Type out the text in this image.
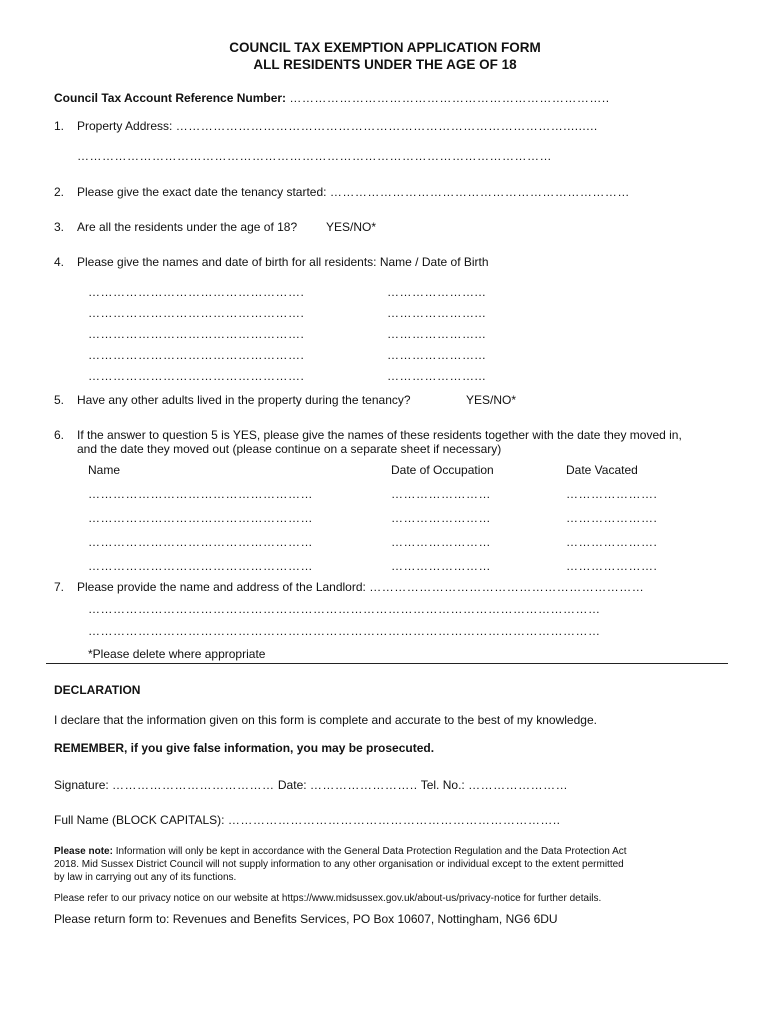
COUNCIL TAX EXEMPTION APPLICATION FORM
ALL RESIDENTS UNDER THE AGE OF 18
Council Tax Account Reference Number: …………………………………………………………………..
1. Property Address: ………………………………………………………………………………….........
……………………………………………………………………………………………………
2. Please give the exact date the tenancy started: ………………………………………………………………
3. Are all the residents under the age of 18? YES/NO*
4. Please give the names and date of birth for all residents: Name / Date of Birth
…………………………………………….	…………………...
…………………………………………….	…………………...
…………………………………………….	…………………...
…………………………………………….	…………………...
…………………………………………….	…………………...
5. Have any other adults lived in the property during the tenancy?	YES/NO*
6. If the answer to question 5 is YES, please give the names of these residents together with the date they moved in,
and the date they moved out (please continue on a separate sheet if necessary)
Name	Date of Occupation	Date Vacated
………………………………………………	……………………	………………….
………………………………………………	……………………	………………….
………………………………………………	……………………	………………….
………………………………………………	……………………	………………….
7. Please provide the name and address of the Landlord: …………………………………………………………
……………………………………………………………………………………………………………
……………………………………………………………………………………………………………
*Please delete where appropriate
DECLARATION
I declare that the information given on this form is complete and accurate to the best of my knowledge.
REMEMBER, if you give false information, you may be prosecuted.
Signature: ………………………………… Date: …………………….. Tel. No.: ……………………
Full Name (BLOCK CAPITALS): ……………………………………………………………………..
Please note: Information will only be kept in accordance with the General Data Protection Regulation and the Data Protection Act
2018. Mid Sussex District Council will not supply information to any other organisation or individual except to the extent permitted
by law in carrying out any of its functions.
Please refer to our privacy notice on our website at https://www.midsussex.gov.uk/about-us/privacy-notice for further details.
Please return form to: Revenues and Benefits Services, PO Box 10607, Nottingham, NG6 6DU
